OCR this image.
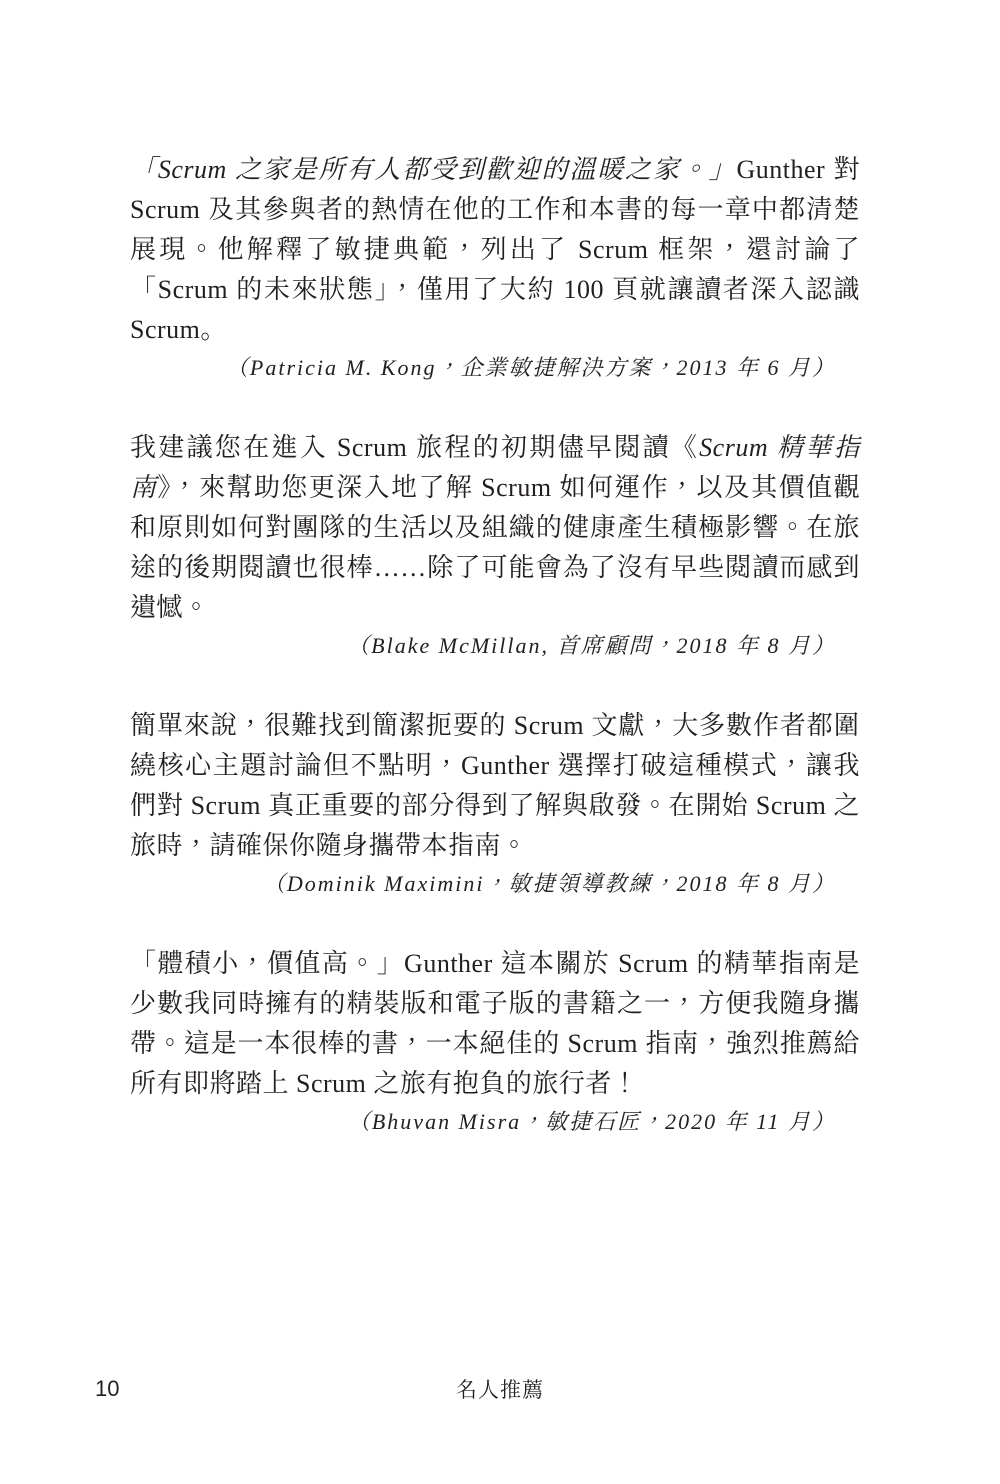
「Scrum 之家是所有人都受到歡迎的溫暖之家。」Gunther 對 Scrum 及其參與者的熱情在他的工作和本書的每一章中都清楚展現。他解釋了敏捷典範，列出了 Scrum 框架，還討論了「Scrum 的未來狀態」，僅用了大約 100 頁就讓讀者深入認識 Scrum。

（Patricia M. Kong，企業敏捷解決方案，2013 年 6 月）

我建議您在進入 Scrum 旅程的初期儘早閱讀《Scrum 精華指南》，來幫助您更深入地了解 Scrum 如何運作，以及其價值觀和原則如何對團隊的生活以及組織的健康產生積極影響。在旅途的後期閱讀也很棒……除了可能會為了沒有早些閱讀而感到遺憾。

（Blake McMillan, 首席顧問，2018 年 8 月）

簡單來說，很難找到簡潔扼要的 Scrum 文獻，大多數作者都圍繞核心主題討論但不點明，Gunther 選擇打破這種模式，讓我們對 Scrum 真正重要的部分得到了解與啟發。在開始 Scrum 之旅時，請確保你隨身攜帶本指南。

（Dominik Maximini，敏捷領導教練，2018 年 8 月）

「體積小，價值高。」Gunther 這本關於 Scrum 的精華指南是少數我同時擁有的精裝版和電子版的書籍之一，方便我隨身攜帶。這是一本很棒的書，一本絕佳的 Scrum 指南，強烈推薦給所有即將踏上 Scrum 之旅有抱負的旅行者！

（Bhuvan Misra，敏捷石匠，2020 年 11 月）

10	名人推薦
